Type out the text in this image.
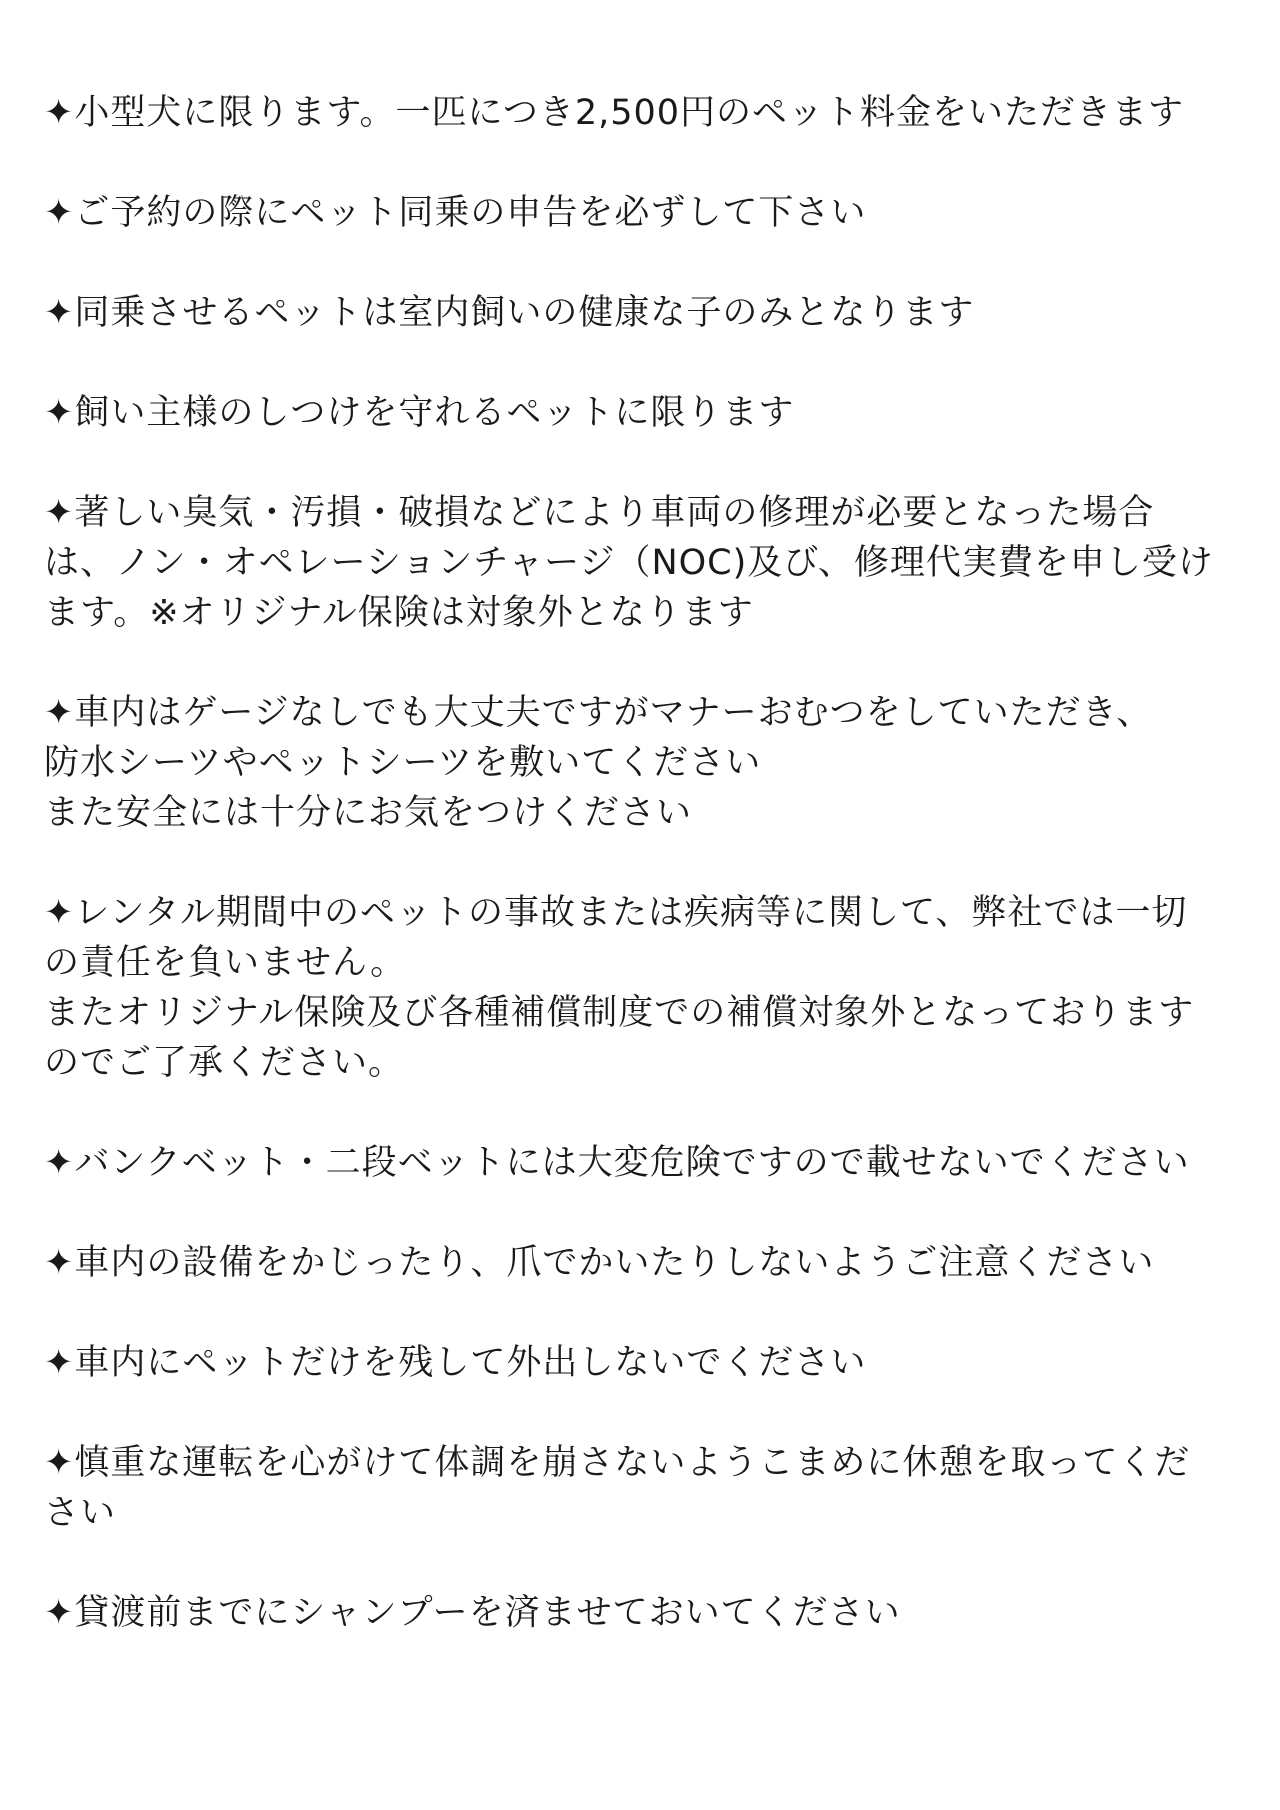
✦小型犬に限ります。一匹につき2,500円のペット料金をいただきます
✦ご予約の際にペット同乗の申告を必ずして下さい
✦同乗させるペットは室内飼いの健康な子のみとなります
✦飼い主様のしつけを守れるペットに限ります
✦著しい臭気・汚損・破損などにより車両の修理が必要となった場合
は、ノン・オペレーションチャージ（NOC)及び、修理代実費を申し受け
ます。※オリジナル保険は対象外となります
✦車内はゲージなしでも大丈夫ですがマナーおむつをしていただき、
防水シーツやペットシーツを敷いてください
また安全には十分にお気をつけください
✦レンタル期間中のペットの事故または疾病等に関して、弊社では一切
の責任を負いません。
またオリジナル保険及び各種補償制度での補償対象外となっております
のでご了承ください。
✦バンクベット・二段ベットには大変危険ですので載せないでください
✦車内の設備をかじったり、爪でかいたりしないようご注意ください
✦車内にペットだけを残して外出しないでください
✦慎重な運転を心がけて体調を崩さないようこまめに休憩を取ってくだ
さい
✦貸渡前までにシャンプーを済ませておいてください
